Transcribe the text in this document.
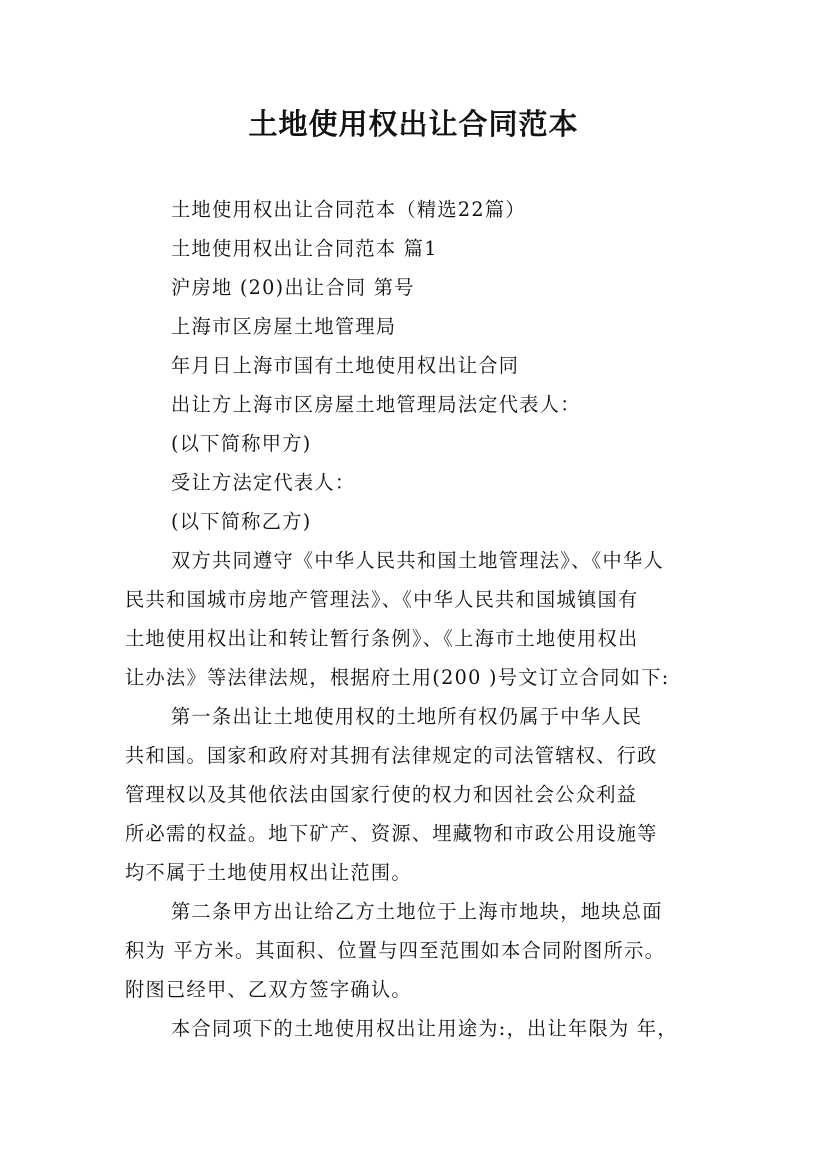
土地使用权出让合同范本
土地使用权出让合同范本（精选22篇）
土地使用权出让合同范本 篇1
沪房地 (20)出让合同 第号
上海市区房屋土地管理局
年月日上海市国有土地使用权出让合同
出让方上海市区房屋土地管理局法定代表人：
(以下简称甲方)
受让方法定代表人：
(以下简称乙方)
双方共同遵守《中华人民共和国土地管理法》、《中华人
民共和国城市房地产管理法》、《中华人民共和国城镇国有
土地使用权出让和转让暂行条例》、《上海市土地使用权出
让办法》等法律法规，根据府土用(200 )号文订立合同如下:
第一条出让土地使用权的土地所有权仍属于中华人民
共和国。国家和政府对其拥有法律规定的司法管辖权、行政
管理权以及其他依法由国家行使的权力和因社会公众利益
所必需的权益。地下矿产、资源、埋藏物和市政公用设施等
均不属于土地使用权出让范围。
第二条甲方出让给乙方土地位于上海市地块，地块总面
积为 平方米。其面积、位置与四至范围如本合同附图所示。
附图已经甲、乙双方签字确认。
本合同项下的土地使用权出让用途为:，出让年限为 年，
